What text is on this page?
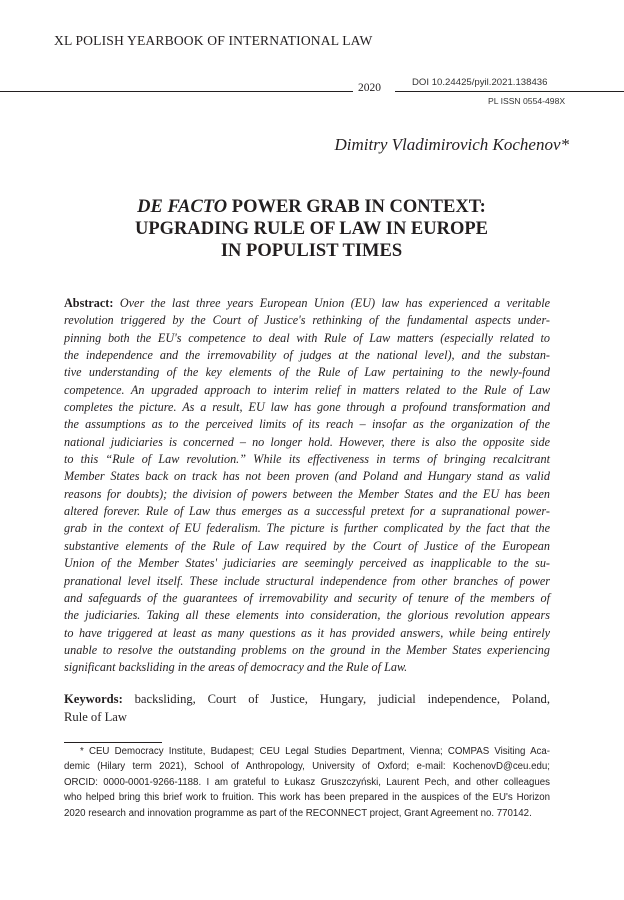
XL POLISH YEARBOOK OF INTERNATIONAL LAW
2020	DOI 10.24425/pyil.2021.138436
PL ISSN 0554-498X
Dimitry Vladimirovich Kochenov*
DE FACTO POWER GRAB IN CONTEXT:
UPGRADING RULE OF LAW IN EUROPE
IN POPULIST TIMES
Abstract: Over the last three years European Union (EU) law has experienced a veritable
revolution triggered by the Court of Justice's rethinking of the fundamental aspects under-
pinning both the EU's competence to deal with Rule of Law matters (especially related to
the independence and the irremovability of judges at the national level), and the substan-
tive understanding of the key elements of the Rule of Law pertaining to the newly-found
competence. An upgraded approach to interim relief in matters related to the Rule of Law
completes the picture. As a result, EU law has gone through a profound transformation and
the assumptions as to the perceived limits of its reach – insofar as the organization of the
national judiciaries is concerned – no longer hold. However, there is also the opposite side
to this “Rule of Law revolution.” While its effectiveness in terms of bringing recalcitrant
Member States back on track has not been proven (and Poland and Hungary stand as valid
reasons for doubts); the division of powers between the Member States and the EU has been
altered forever. Rule of Law thus emerges as a successful pretext for a supranational power-
grab in the context of EU federalism. The picture is further complicated by the fact that the
substantive elements of the Rule of Law required by the Court of Justice of the European
Union of the Member States' judiciaries are seemingly perceived as inapplicable to the su-
pranational level itself. These include structural independence from other branches of power
and safeguards of the guarantees of irremovability and security of tenure of the members of
the judiciaries. Taking all these elements into consideration, the glorious revolution appears
to have triggered at least as many questions as it has provided answers, while being entirely
unable to resolve the outstanding problems on the ground in the Member States experiencing
significant backsliding in the areas of democracy and the Rule of Law.
Keywords: backsliding, Court of Justice, Hungary, judicial independence, Poland,
Rule of Law
* CEU Democracy Institute, Budapest; CEU Legal Studies Department, Vienna; COMPAS Visiting Aca-
demic (Hilary term 2021), School of Anthropology, University of Oxford; e-mail: KochenovD@ceu.edu;
ORCID: 0000-0001-9266-1188. I am grateful to Łukasz Gruszczyński, Laurent Pech, and other colleagues
who helped bring this brief work to fruition. This work has been prepared in the auspices of the EU's Horizon
2020 research and innovation programme as part of the RECONNECT project, Grant Agreement no. 770142.
